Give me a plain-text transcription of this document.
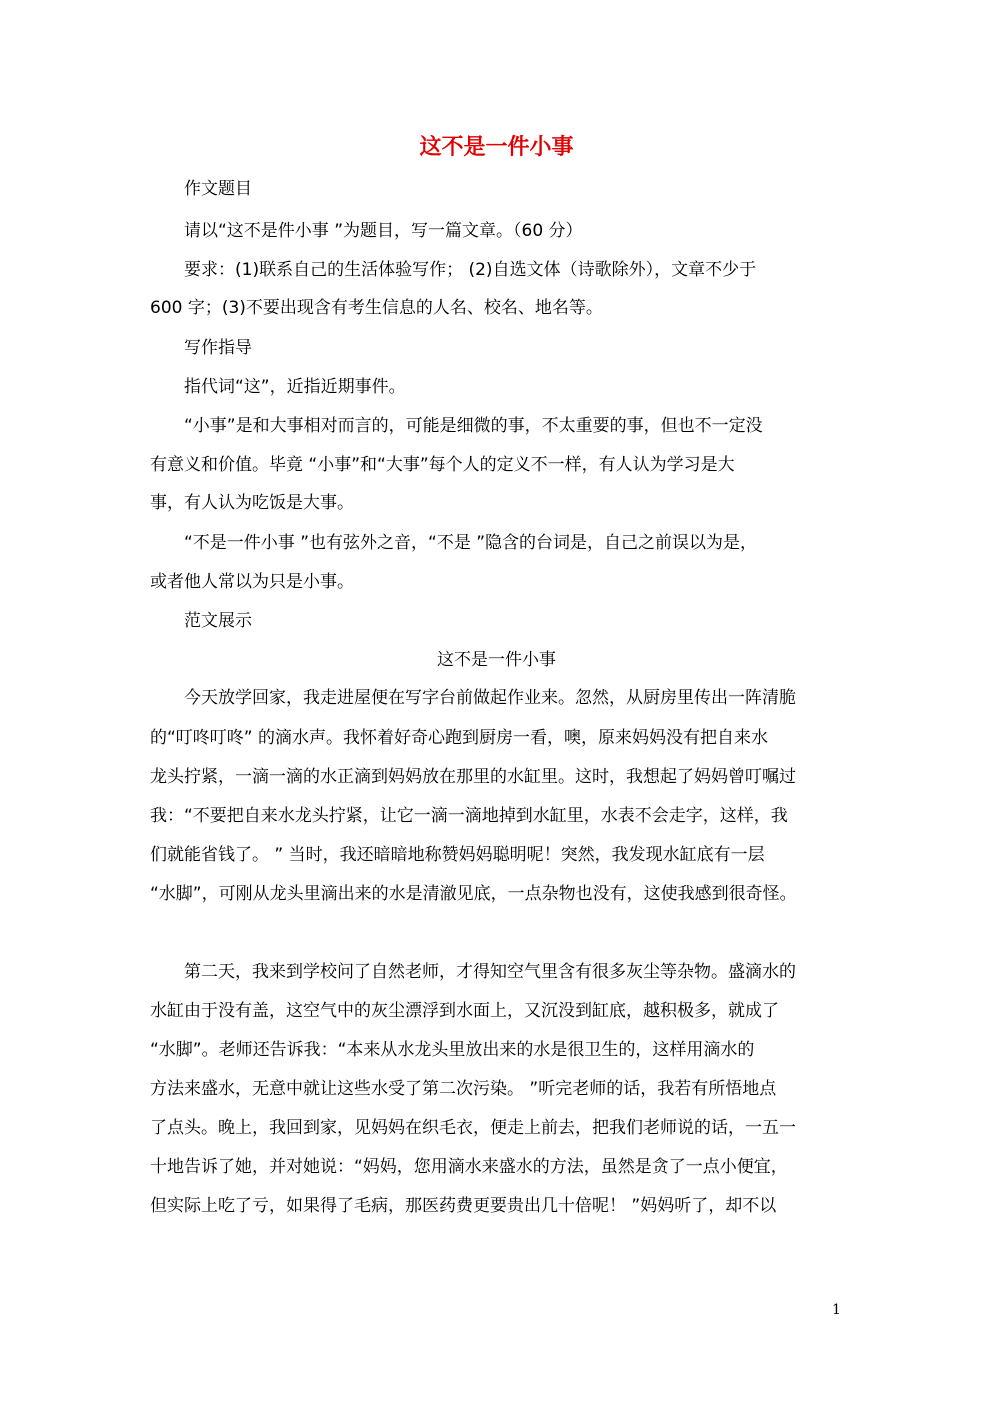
这不是一件小事

作文题目

请以“这不是件小事 ”为题目，写一篇文章。（60 分）

要求：(1)联系自己的生活体验写作； (2)自选文体（诗歌除外），文章不少于

600 字；(3)不要出现含有考生信息的人名、校名、地名等。

写作指导

指代词“这”，近指近期事件。

“小事”是和大事相对而言的，可能是细微的事，不太重要的事，但也不一定没

有意义和价值。毕竟 “小事”和“大事”每个人的定义不一样，有人认为学习是大

事，有人认为吃饭是大事。

“不是一件小事 ”也有弦外之音，“不是 ”隐含的台词是，自己之前误以为是，

或者他人常以为只是小事。

范文展示

这不是一件小事

今天放学回家，我走进屋便在写字台前做起作业来。忽然，从厨房里传出一阵清脆

的“叮咚叮咚” 的滴水声。我怀着好奇心跑到厨房一看，噢，原来妈妈没有把自来水

龙头拧紧，一滴一滴的水正滴到妈妈放在那里的水缸里。这时，我想起了妈妈曾叮嘱过

我：“不要把自来水龙头拧紧，让它一滴一滴地掉到水缸里，水表不会走字，这样，我

们就能省钱了。 ” 当时，我还暗暗地称赞妈妈聪明呢！突然，我发现水缸底有一层

“水脚”，可刚从龙头里滴出来的水是清澈见底，一点杂物也没有，这使我感到很奇怪。

第二天，我来到学校问了自然老师，才得知空气里含有很多灰尘等杂物。盛滴水的

水缸由于没有盖，这空气中的灰尘漂浮到水面上，又沉没到缸底，越积极多，就成了

“水脚”。老师还告诉我：“本来从水龙头里放出来的水是很卫生的，这样用滴水的

方法来盛水，无意中就让这些水受了第二次污染。 ”听完老师的话，我若有所悟地点

了点头。晚上，我回到家，见妈妈在织毛衣，便走上前去，把我们老师说的话，一五一

十地告诉了她，并对她说：“妈妈，您用滴水来盛水的方法，虽然是贪了一点小便宜，

但实际上吃了亏，如果得了毛病，那医药费更要贵出几十倍呢！ ”妈妈听了，却不以

1
